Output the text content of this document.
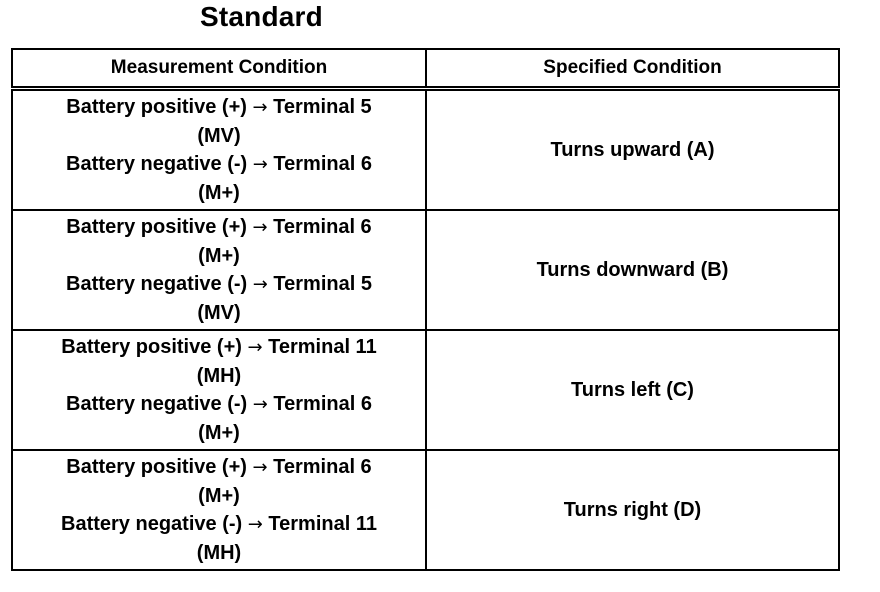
Standard
Measurement Condition	Specified Condition

Battery positive (+) → Terminal 5
(MV)
Battery negative (-) → Terminal 6
(M+)	Turns upward (A)

Battery positive (+) → Terminal 6
(M+)
Battery negative (-) → Terminal 5
(MV)	Turns downward (B)

Battery positive (+) → Terminal 11
(MH)
Battery negative (-) → Terminal 6
(M+)	Turns left (C)

Battery positive (+) → Terminal 6
(M+)
Battery negative (-) → Terminal 11
(MH)	Turns right (D)
